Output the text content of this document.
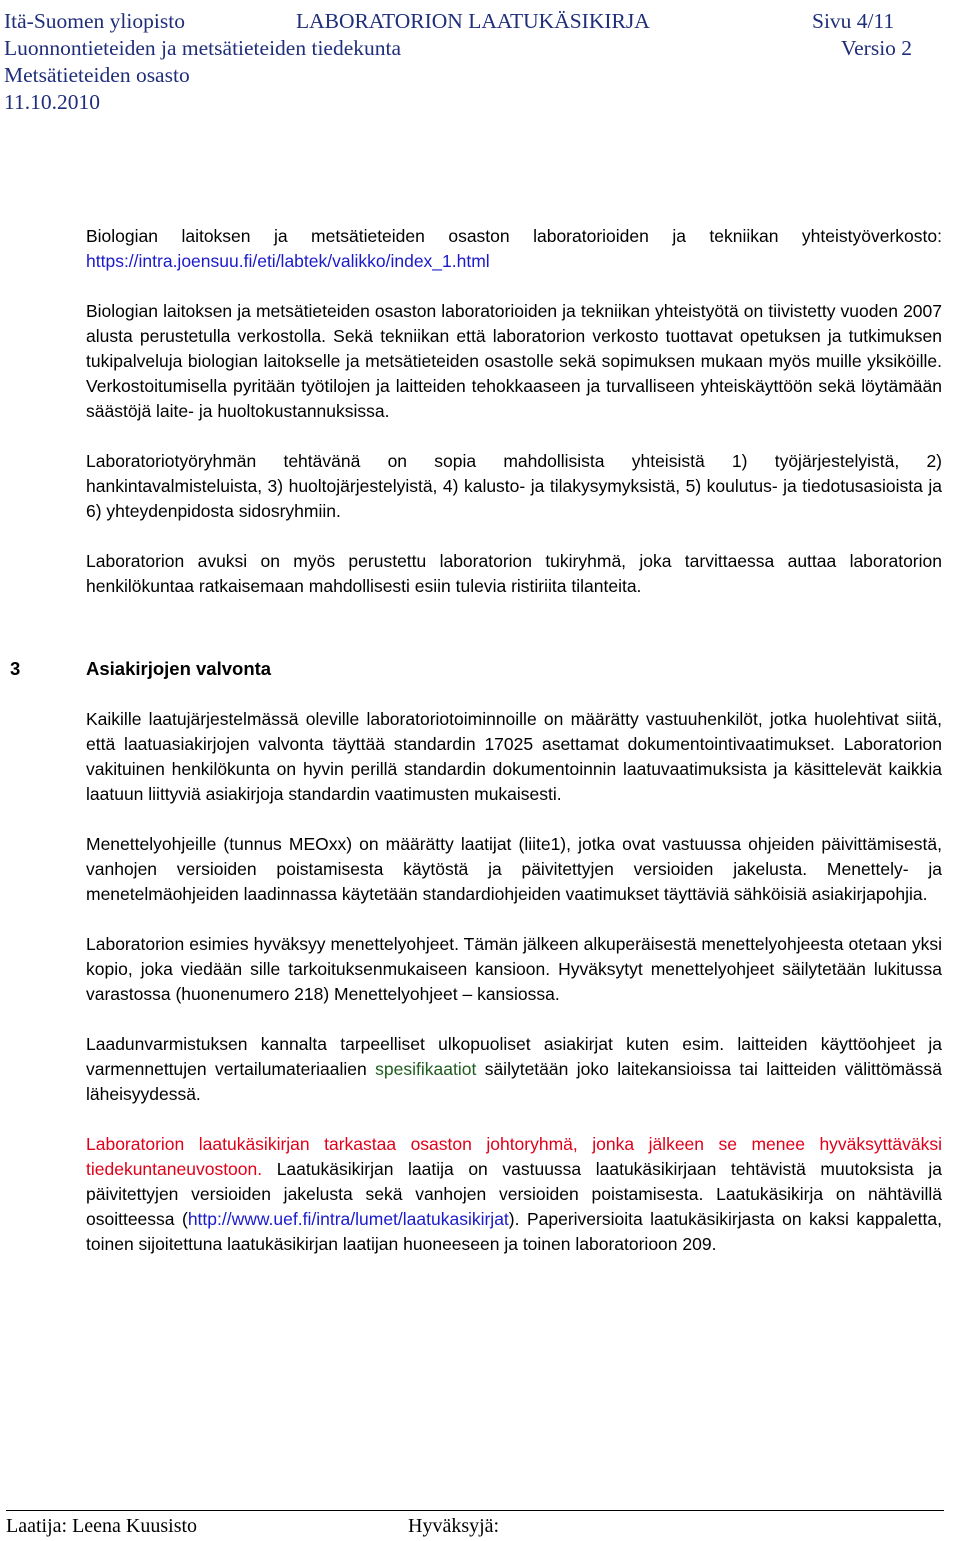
Itä-Suomen yliopisto	LABORATORION LAATUKÄSIKIRJA	Sivu 4/11
Luonnontieteiden ja metsätieteiden tiedekunta	Versio 2
Metsätieteiden osasto
11.10.2010

Biologian laitoksen ja metsätieteiden osaston laboratorioiden ja tekniikan yhteistyöverkosto: https://intra.joensuu.fi/eti/labtek/valikko/index_1.html

Biologian laitoksen ja metsätieteiden osaston laboratorioiden ja tekniikan yhteistyötä on tiivistetty vuoden 2007 alusta perustetulla verkostolla. Sekä tekniikan että laboratorion verkosto tuottavat opetuksen ja tutkimuksen tukipalveluja biologian laitokselle ja metsätieteiden osastolle sekä sopimuksen mukaan myös muille yksiköille. Verkostoitumisella pyritään työtilojen ja laitteiden tehokkaaseen ja turvalliseen yhteiskäyttöön sekä löytämään säästöjä laite- ja huoltokustannuksissa.

Laboratoriotyöryhmän tehtävänä on sopia mahdollisista yhteisistä 1) työjärjestelyistä, 2) hankintavalmisteluista, 3) huoltojärjestelyistä, 4) kalusto- ja tilakysymyksistä, 5) koulutus- ja tiedotusasioista ja 6) yhteydenpidosta sidosryhmiin.

Laboratorion avuksi on myös perustettu laboratorion tukiryhmä, joka tarvittaessa auttaa laboratorion henkilökuntaa ratkaisemaan mahdollisesti esiin tulevia ristiriita tilanteita.

3	Asiakirjojen valvonta

Kaikille laatujärjestelmässä oleville laboratoriotoiminnoille on määrätty vastuuhenkilöt, jotka huolehtivat siitä, että laatuasiakirjojen valvonta täyttää standardin 17025 asettamat dokumentointivaatimukset. Laboratorion vakituinen henkilökunta on hyvin perillä standardin dokumentoinnin laatuvaatimuksista ja käsittelevät kaikkia laatuun liittyviä asiakirjoja standardin vaatimusten mukaisesti.

Menettelyohjeille (tunnus MEOxx) on määrätty laatijat (liite1), jotka ovat vastuussa ohjeiden päivittämisestä, vanhojen versioiden poistamisesta käytöstä ja päivitettyjen versioiden jakelusta. Menettely- ja menetelmäohjeiden laadinnassa käytetään standardiohjeiden vaatimukset täyttäviä sähköisiä asiakirjapohjia.

Laboratorion esimies hyväksyy menettelyohjeet. Tämän jälkeen alkuperäisestä menettelyohjeesta otetaan yksi kopio, joka viedään sille tarkoituksenmukaiseen kansioon. Hyväksytyt menettelyohjeet säilytetään lukitussa varastossa (huonenumero 218) Menettelyohjeet – kansiossa.

Laadunvarmistuksen kannalta tarpeelliset ulkopuoliset asiakirjat kuten esim. laitteiden käyttöohjeet ja varmennettujen vertailumateriaalien spesifikaatiot säilytetään joko laitekansioissa tai laitteiden välittömässä läheisyydessä.

Laboratorion laatukäsikirjan tarkastaa osaston johtoryhmä, jonka jälkeen se menee hyväksyttäväksi tiedekuntaneuvostoon. Laatukäsikirjan laatija on vastuussa laatukäsikirjaan tehtävistä muutoksista ja päivitettyjen versioiden jakelusta sekä vanhojen versioiden poistamisesta. Laatukäsikirja on nähtävillä osoitteessa (http://www.uef.fi/intra/lumet/laatukasikirjat). Paperiversioita laatukäsikirjasta on kaksi kappaletta, toinen sijoitettuna laatukäsikirjan laatijan huoneeseen ja toinen laboratorioon 209.

Laatija: Leena Kuusisto	Hyväksyjä:
